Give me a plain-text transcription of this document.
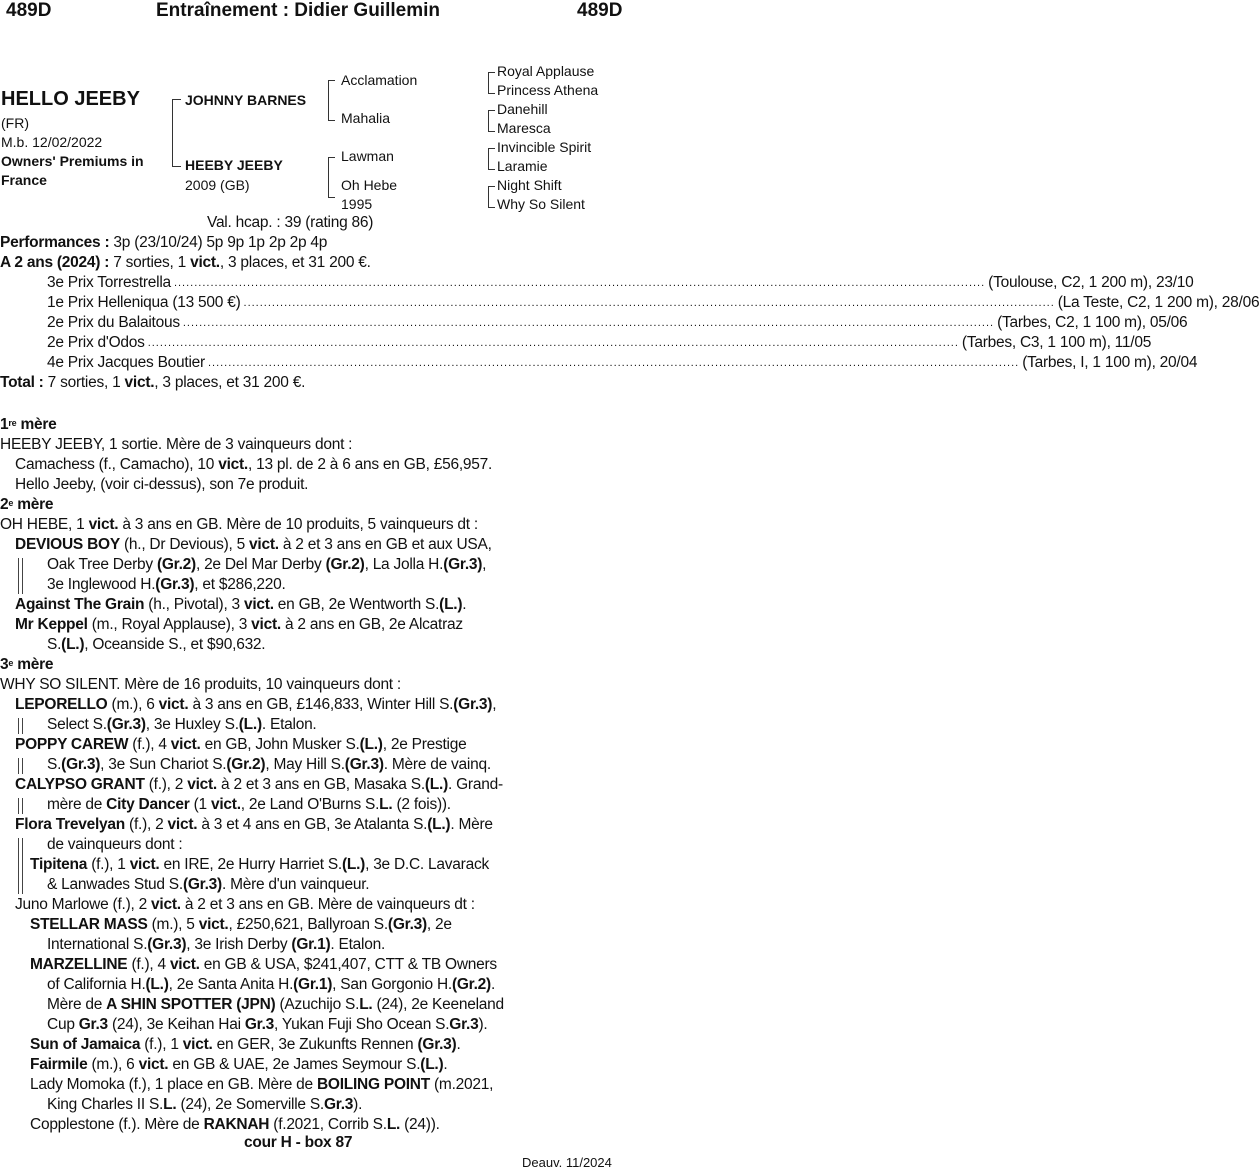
489D	Entraînement : Didier Guillemin	489D
HELLO JEEBY
(FR)
M.b. 12/02/2022
Owners' Premiums in
France
JOHNNY BARNES
HEEBY JEEBY
2009 (GB)
Acclamation
Mahalia
Lawman
Oh Hebe
1995
Royal Applause
Princess Athena
Danehill
Maresca
Invincible Spirit
Laramie
Night Shift
Why So Silent
Val. hcap. : 39 (rating 86)
Performances : 3p (23/10/24) 5p 9p 1p 2p 2p 4p
A 2 ans (2024) : 7 sorties, 1 vict., 3 places, et 31 200 €.
3e Prix Torrestrella ........................................................................................................................................................................................................ (Toulouse, C2, 1 200 m), 23/10
1e Prix Helleniqua (13 500 €) ........................................................................................................................................................................................................ (La Teste, C2, 1 200 m), 28/06
2e Prix du Balaitous ........................................................................................................................................................................................................ (Tarbes, C2, 1 100 m), 05/06
2e Prix d'Odos ........................................................................................................................................................................................................ (Tarbes, C3, 1 100 m), 11/05
4e Prix Jacques Boutier ........................................................................................................................................................................................................ (Tarbes, I, 1 100 m), 20/04
Total : 7 sorties, 1 vict., 3 places, et 31 200 €.
1re mère
HEEBY JEEBY, 1 sortie. Mère de 3 vainqueurs dont :
Camachess (f., Camacho), 10 vict., 13 pl. de 2 à 6 ans en GB, £56,957.
Hello Jeeby, (voir ci-dessus), son 7e produit.
2e mère
OH HEBE, 1 vict. à 3 ans en GB. Mère de 10 produits, 5 vainqueurs dt :
DEVIOUS BOY (h., Dr Devious), 5 vict. à 2 et 3 ans en GB et aux USA,
Oak Tree Derby (Gr.2), 2e Del Mar Derby (Gr.2), La Jolla H.(Gr.3),
3e Inglewood H.(Gr.3), et $286,220.
Against The Grain (h., Pivotal), 3 vict. en GB, 2e Wentworth S.(L.).
Mr Keppel (m., Royal Applause), 3 vict. à 2 ans en GB, 2e Alcatraz
S.(L.), Oceanside S., et $90,632.
3e mère
WHY SO SILENT. Mère de 16 produits, 10 vainqueurs dont :
LEPORELLO (m.), 6 vict. à 3 ans en GB, £146,833, Winter Hill S.(Gr.3),
Select S.(Gr.3), 3e Huxley S.(L.). Etalon.
POPPY CAREW (f.), 4 vict. en GB, John Musker S.(L.), 2e Prestige
S.(Gr.3), 3e Sun Chariot S.(Gr.2), May Hill S.(Gr.3). Mère de vainq.
CALYPSO GRANT (f.), 2 vict. à 2 et 3 ans en GB, Masaka S.(L.). Grand-
mère de City Dancer (1 vict., 2e Land O'Burns S.L. (2 fois)).
Flora Trevelyan (f.), 2 vict. à 3 et 4 ans en GB, 3e Atalanta S.(L.). Mère
de vainqueurs dont :
Tipitena (f.), 1 vict. en IRE, 2e Hurry Harriet S.(L.), 3e D.C. Lavarack
& Lanwades Stud S.(Gr.3). Mère d'un vainqueur.
Juno Marlowe (f.), 2 vict. à 2 et 3 ans en GB. Mère de vainqueurs dt :
STELLAR MASS (m.), 5 vict., £250,621, Ballyroan S.(Gr.3), 2e
International S.(Gr.3), 3e Irish Derby (Gr.1). Etalon.
MARZELLINE (f.), 4 vict. en GB & USA, $241,407, CTT & TB Owners
of California H.(L.), 2e Santa Anita H.(Gr.1), San Gorgonio H.(Gr.2).
Mère de A SHIN SPOTTER (JPN) (Azuchijo S.L. (24), 2e Keeneland
Cup Gr.3 (24), 3e Keihan Hai Gr.3, Yukan Fuji Sho Ocean S.Gr.3).
Sun of Jamaica (f.), 1 vict. en GER, 3e Zukunfts Rennen (Gr.3).
Fairmile (m.), 6 vict. en GB & UAE, 2e James Seymour S.(L.).
Lady Momoka (f.), 1 place en GB. Mère de BOILING POINT (m.2021,
King Charles II S.L. (24), 2e Somerville S.Gr.3).
Copplestone (f.). Mère de RAKNAH (f.2021, Corrib S.L. (24)).
cour H - box 87
Deauv. 11/2024
